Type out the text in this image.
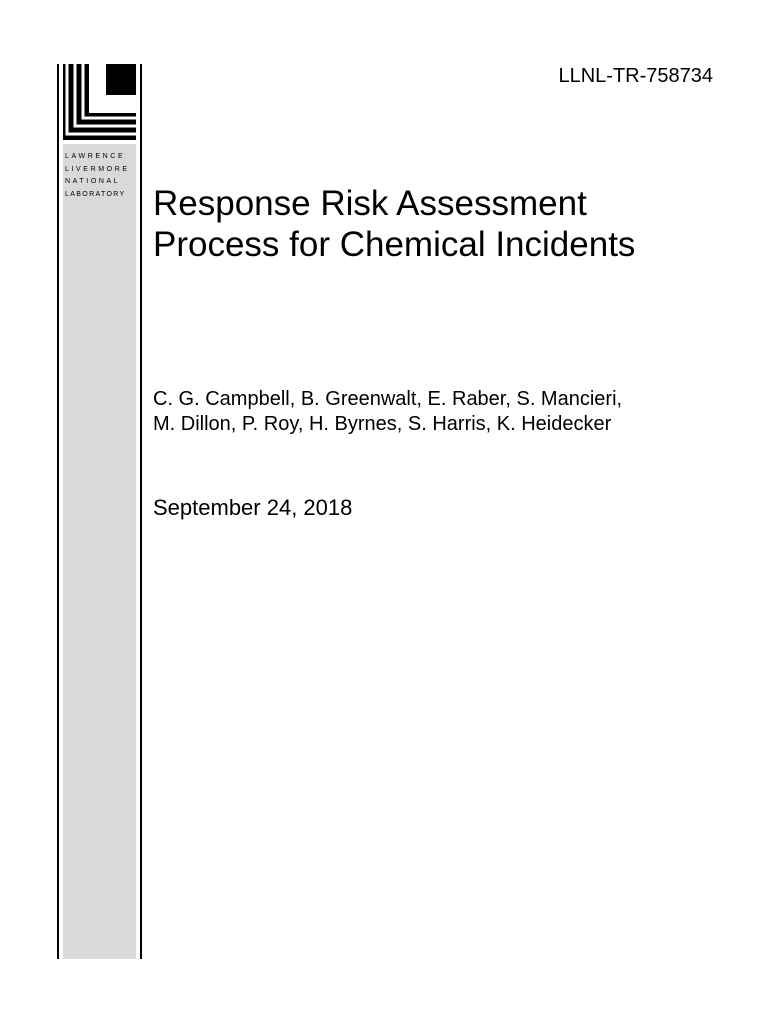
LAWRENCE
LIVERMORE
NATIONAL
LABORATORY
LLNL-TR-758734
Response Risk Assessment
Process for Chemical Incidents
C. G. Campbell, B. Greenwalt, E. Raber, S. Mancieri,
M. Dillon, P. Roy, H. Byrnes, S. Harris, K. Heidecker
September 24, 2018
